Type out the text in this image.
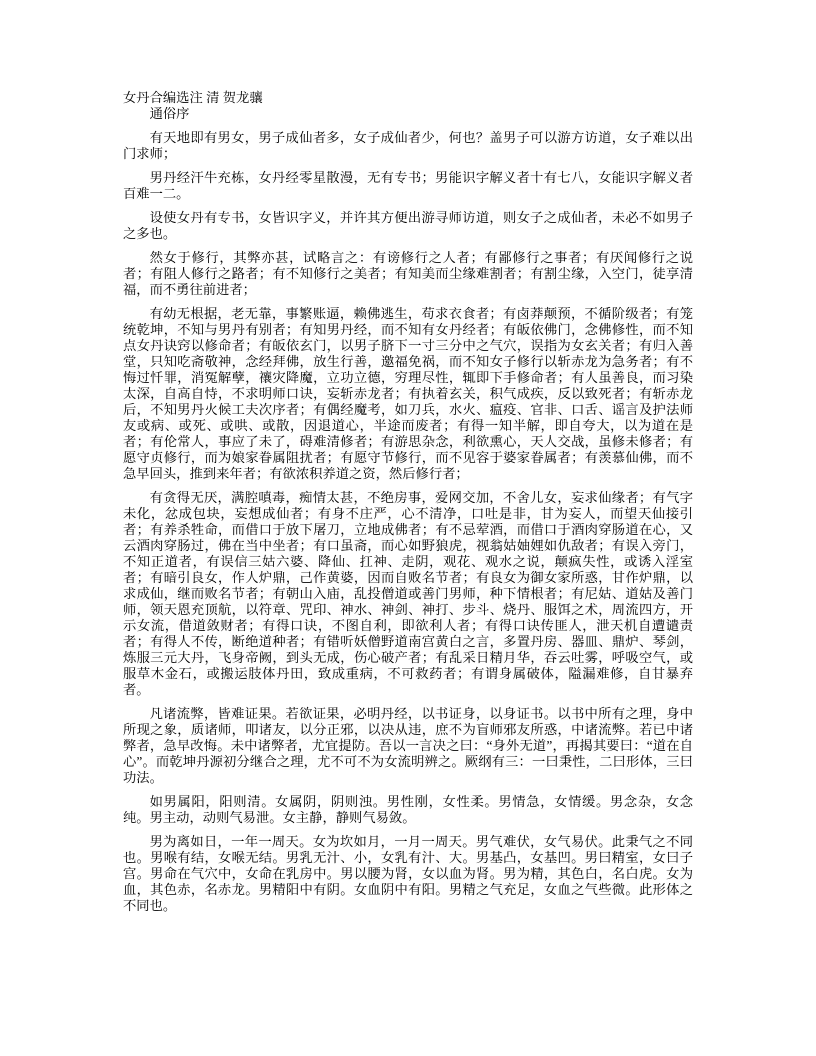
女丹合编选注 清 贺龙骧
通俗序

有天地即有男女，男子成仙者多，女子成仙者少，何也？盖男子可以游方访道，女子难以出门求师；

男丹经汗牛充栋，女丹经零星散漫，无有专书；男能识字解义者十有七八，女能识字解义者百难一二。

设使女丹有专书，女皆识字义，并许其方便出游寻师访道，则女子之成仙者，未必不如男子之多也。

然女于修行，其弊亦甚，试略言之：有谤修行之人者；有鄙修行之事者；有厌闻修行之说者；有阻人修行之路者；有不知修行之美者；有知美而尘缘难割者；有割尘缘，入空门，徒享清福，而不勇往前进者；

有幼无根据，老无靠，事繁账逼，赖佛逃生，苟求衣食者；有卤莽颠预，不循阶级者；有笼统乾坤，不知与男丹有别者；有知男丹经，而不知有女丹经者；有皈依佛门，念佛修性，而不知点女丹诀窍以修命者；有皈依玄门，以男子脐下一寸三分中之气穴，误指为女玄关者；有归入善堂，只知吃斋敬神，念经拜佛，放生行善，邀福免祸，而不知女子修行以斩赤龙为急务者；有不悔过忏罪，消冤解孽，禳灾降魔，立功立德，穷理尽性，辄即下手修命者；有人虽善良，而习染太深，自高自恃，不求明师口诀，妄斩赤龙者；有执着玄关，积气成疾，反以致死者；有斩赤龙后，不知男丹火候工夫次序者；有偶经魔考，如刀兵，水火、瘟疫、官非、口舌、谣言及护法师友或病、或死、或哄、或散，因退道心，半途而废者；有得一知半解，即自夸大，以为道在是者；有伦常人，事应了未了，碍难清修者；有游思杂念，利欲熏心，天人交战，虽修未修者；有愿守贞修行，而为娘家眷属阻扰者；有愿守节修行，而不见容于婆家眷属者；有羡慕仙佛，而不急早回头，推到来年者；有欲浓积养道之资，然后修行者；

有贪得无厌，满腔嗔毒，痴情太甚，不绝房事，爱网交加，不舍儿女，妄求仙缘者；有气字未化，忿成包块，妄想成仙者；有身不庄严，心不清净，口吐是非，甘为妄人，而望天仙接引者；有养杀牲命，而借口于放下屠刀，立地成佛者；有不忌荤酒，而借口于酒肉穿肠道在心，又云酒肉穿肠过，佛在当中坐者；有口虽斋，而心如野狼虎，视翁姑妯娌如仇敌者；有误入旁门，不知正道者，有误信三姑六婆、降仙、扛神、走阴，观花、观水之说，颠疯失性，或诱入淫室者；有暗引良女，作人炉鼎，己作黄婆，因而自败名节者；有良女为御女家所惑，甘作炉鼎，以求成仙，继而败名节者；有朝山入庙，乱投僧道或善门男师，种下情根者；有尼姑、道姑及善门师，领天恩充顶航，以符章、咒印、神水、神剑、神打、步斗、烧丹、服饵之术，周流四方，开示女流，借道敛财者；有得口诀，不图自利，即欲利人者；有得口诀传匪人，泄天机自遭谴责者；有得人不传，断绝道种者；有错听妖僧野道南宫黄白之言，多置丹房、器皿、鼎炉、琴剑，炼服三元大丹，飞身帝阙，到头无成，伤心破产者；有乱采日精月华，吞云吐雾，呼吸空气，或服草木金石，或搬运肢体丹田，致成重病，不可救药者；有谓身属破体，隘漏难修，自甘暴弃者。

凡诸流弊，皆难证果。若欲证果，必明丹经，以书证身，以身证书。以书中所有之理，身中所现之象，质诸师，叩诸友，以分正邪，以决从违，庶不为盲师邪友所惑，中诸流弊。若已中诸弊者，急早改悔。未中诸弊者，尤宜提防。吾以一言决之曰：“身外无道”，再揭其要曰：“道在自心”。而乾坤丹源初分继合之理，尤不可不为女流明辨之。厥纲有三：一曰秉性，二曰形体，三曰功法。

如男属阳，阳则清。女属阴，阴则浊。男性刚，女性柔。男情急，女情缓。男念杂，女念纯。男主动，动则气易泄。女主静，静则气易敛。

男为离如日，一年一周天。女为坎如月，一月一周天。男气难伏，女气易伏。此秉气之不同也。男喉有结，女喉无结。男乳无汁、小，女乳有汁、大。男基凸，女基凹。男曰精室，女曰子宫。男命在气穴中，女命在乳房中。男以腰为肾，女以血为肾。男为精，其色白，名白虎。女为血，其色赤，名赤龙。男精阳中有阴。女血阴中有阳。男精之气充足，女血之气些微。此形体之不同也。
